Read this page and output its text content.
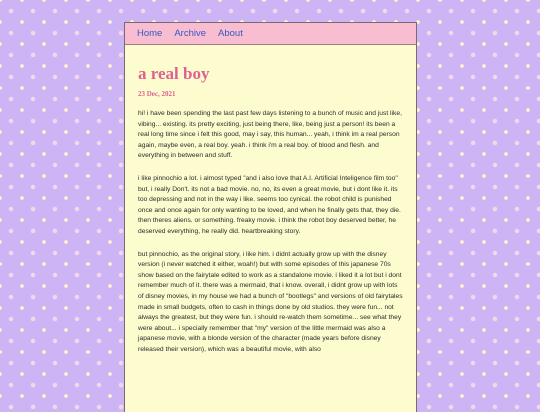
Home Archive About
a real boy
23 Dec, 2021

hi! i have been spending the last past few days listening to a bunch of music and just like, vibing... existing. its pretty exciting, just being there, like, being just a person! its been a real long time since i felt this good, may i say, this human... yeah, i think im a real person again, maybe even, a real boy. yeah. i think i'm a real boy. of blood and flesh. and everything in between and stuff.

i like pinnochio a lot. i almost typed "and i also love that A.I. Artificial Inteligence film too" but, i really Don't. its not a bad movie. no, no, its even a great movie, but i dont like it. its too depressing and not in the way i like. seems too cynical. the robot child is punished once and once again for only wanting to be loved, and when he finally gets that, they die. then theres aliens. or something. freaky movie. i think the robot boy deserved better, he deserved everything, he really did. heartbreaking story.

but pinnochio, as the original story, i like him. i didnt actually grow up with the disney version (i never watched it either, woah!) but with some episodes of this japanese 70s show based on the fairytale edited to work as a standalone movie. i liked it a lot but i dont remember much of it. there was a mermaid, that i know. overall, i didnt grow up with lots of disney movies, in my house we had a bunch of "bootlegs" and versions of old fairytales made in small budgets, often to cash in things done by old studios. they were fun... not always the greatest, but they were fun. i should re-watch them sometime... see what they were about... i specially remember that "my" version of the little mermaid was also a japanese movie, with a blonde version of the character (made years before disney released their version), which was a beautiful movie, with also
